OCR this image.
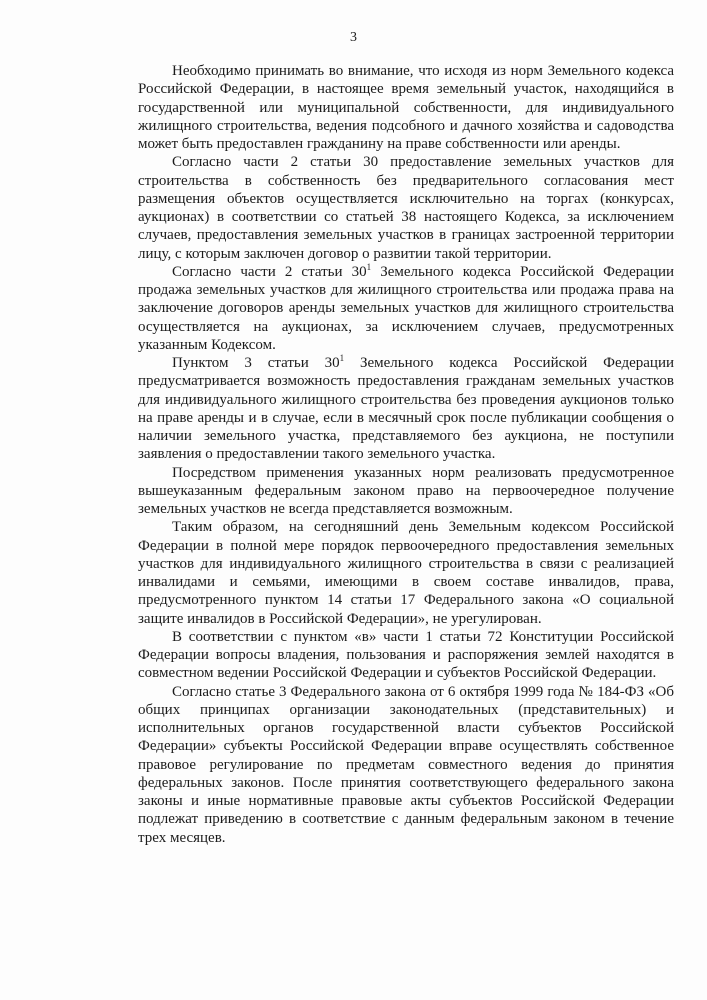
3

Необходимо принимать во внимание, что исходя из норм Земельного кодекса Российской Федерации, в настоящее время земельный участок, находящийся в государственной или муниципальной собственности, для индивидуального жилищного строительства, ведения подсобного и дачного хозяйства и садоводства может быть предоставлен гражданину на праве собственности или аренды.

Согласно части 2 статьи 30 предоставление земельных участков для строительства в собственность без предварительного согласования мест размещения объектов осуществляется исключительно на торгах (конкурсах, аукционах) в соответствии со статьей 38 настоящего Кодекса, за исключением случаев, предоставления земельных участков в границах застроенной территории лицу, с которым заключен договор о развитии такой территории.

Согласно части 2 статьи $30^1$ Земельного кодекса Российской Федерации продажа земельных участков для жилищного строительства или продажа права на заключение договоров аренды земельных участков для жилищного строительства осуществляется на аукционах, за исключением случаев, предусмотренных указанным Кодексом.

Пунктом 3 статьи $30^1$ Земельного кодекса Российской Федерации предусматривается возможность предоставления гражданам земельных участков для индивидуального жилищного строительства без проведения аукционов только на праве аренды и в случае, если в месячный срок после публикации сообщения о наличии земельного участка, представляемого без аукциона, не поступили заявления о предоставлении такого земельного участка.

Посредством применения указанных норм реализовать предусмотренное вышеуказанным федеральным законом право на первоочередное получение земельных участков не всегда представляется возможным.

Таким образом, на сегодняшний день Земельным кодексом Российской Федерации в полной мере порядок первоочередного предоставления земельных участков для индивидуального жилищного строительства в связи с реализацией инвалидами и семьями, имеющими в своем составе инвалидов, права, предусмотренного пунктом 14 статьи 17 Федерального закона «О социальной защите инвалидов в Российской Федерации», не урегулирован.

В соответствии с пунктом «в» части 1 статьи 72 Конституции Российской Федерации вопросы владения, пользования и распоряжения землей находятся в совместном ведении Российской Федерации и субъектов Российской Федерации.

Согласно статье 3 Федерального закона от 6 октября 1999 года № 184-ФЗ «Об общих принципах организации законодательных (представительных) и исполнительных органов государственной власти субъектов Российской Федерации» субъекты Российской Федерации вправе осуществлять собственное правовое регулирование по предметам совместного ведения до принятия федеральных законов. После принятия соответствующего федерального закона законы и иные нормативные правовые акты субъектов Российской Федерации подлежат приведению в соответствие с данным федеральным законом в течение трех месяцев.
